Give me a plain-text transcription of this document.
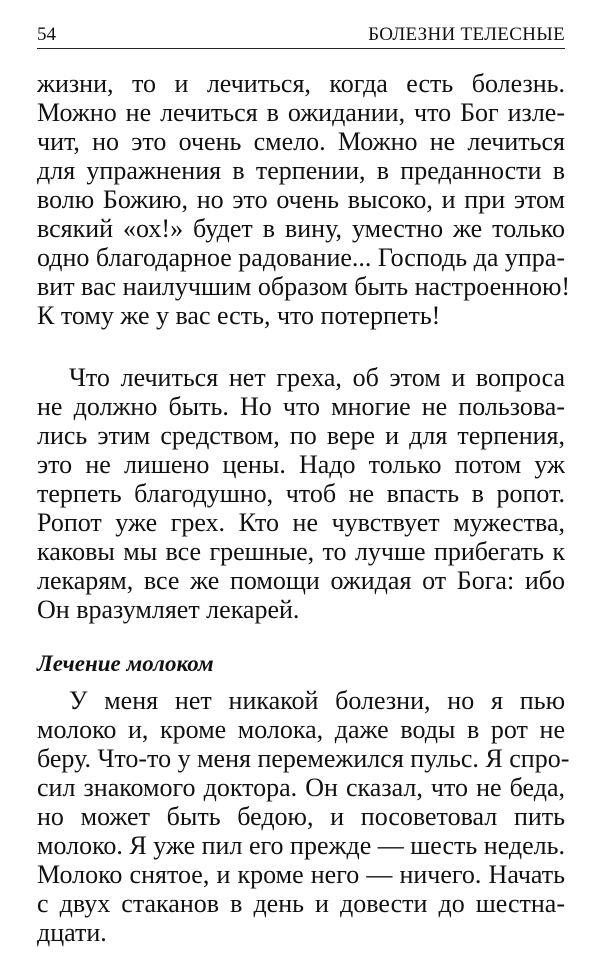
54	БОЛЕЗНИ ТЕЛЕСНЫЕ
жизни, то и лечиться, когда есть болезнь.
Можно не лечиться в ожидании, что Бог изле-
чит, но это очень смело. Можно не лечиться
для упражнения в терпении, в преданности в
волю Божию, но это очень высоко, и при этом
всякий «ох!» будет в вину, уместно же только
одно благодарное радование... Господь да упра-
вит вас наилучшим образом быть настроенною!
К тому же у вас есть, что потерпеть!
Что лечиться нет греха, об этом и вопроса
не должно быть. Но что многие не пользова-
лись этим средством, по вере и для терпения,
это не лишено цены. Надо только потом уж
терпеть благодушно, чтоб не впасть в ропот.
Ропот уже грех. Кто не чувствует мужества,
каковы мы все грешные, то лучше прибегать к
лекарям, все же помощи ожидая от Бога: ибо
Он вразумляет лекарей.
Лечение молоком
У меня нет никакой болезни, но я пью
молоко и, кроме молока, даже воды в рот не
беру. Что-то у меня перемежился пульс. Я спро-
сил знакомого доктора. Он сказал, что не беда,
но может быть бедою, и посоветовал пить
молоко. Я уже пил его прежде — шесть недель.
Молоко снятое, и кроме него — ничего. Начать
с двух стаканов в день и довести до шестна-
дцати.
